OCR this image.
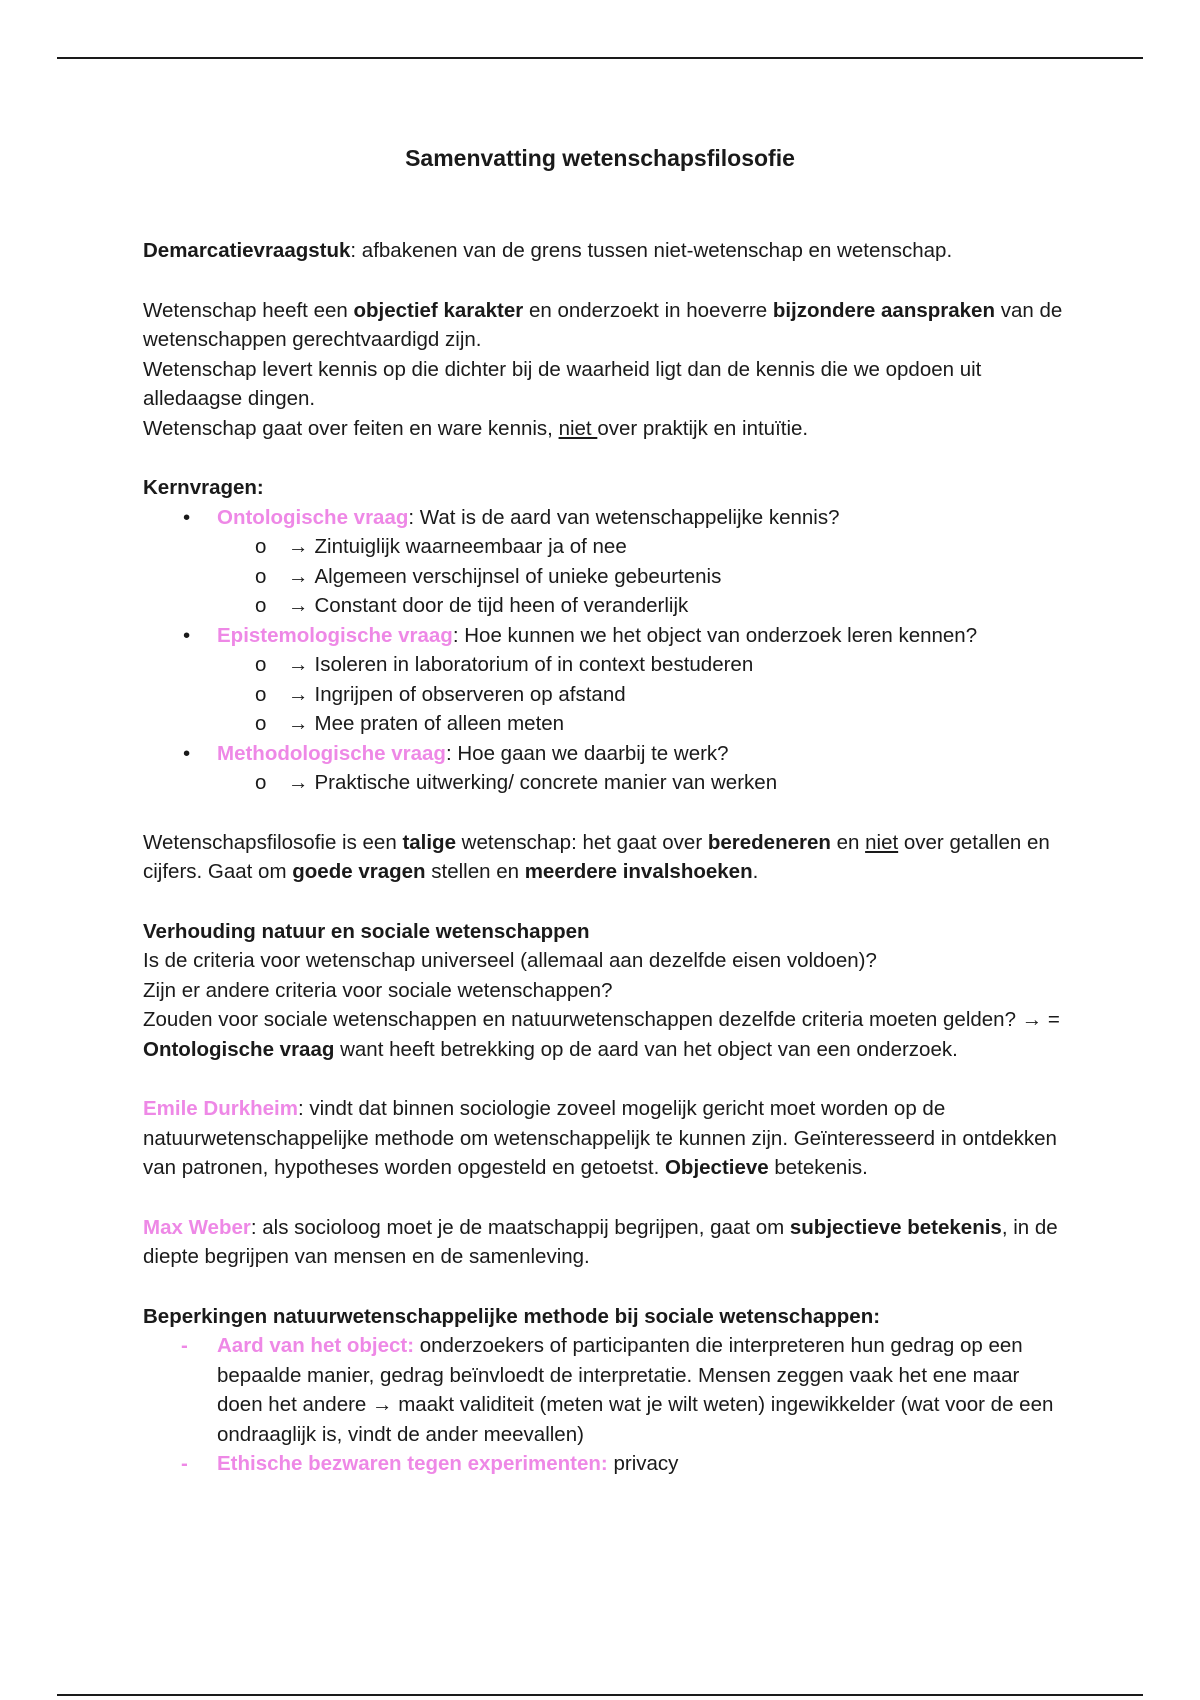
Samenvatting wetenschapsfilosofie

Demarcatievraagstuk: afbakenen van de grens tussen niet-wetenschap en wetenschap.

Wetenschap heeft een objectief karakter en onderzoekt in hoeverre bijzondere aanspraken van de wetenschappen gerechtvaardigd zijn.

Wetenschap levert kennis op die dichter bij de waarheid ligt dan de kennis die we opdoen uit alledaagse dingen.

Wetenschap gaat over feiten en ware kennis, niet over praktijk en intuïtie.

Kernvragen:

• Ontologische vraag: Wat is de aard van wetenschappelijke kennis?
o → Zintuiglijk waarneembaar ja of nee
o → Algemeen verschijnsel of unieke gebeurtenis
o → Constant door de tijd heen of veranderlijk
• Epistemologische vraag: Hoe kunnen we het object van onderzoek leren kennen?
o → Isoleren in laboratorium of in context bestuderen
o → Ingrijpen of observeren op afstand
o → Mee praten of alleen meten
• Methodologische vraag: Hoe gaan we daarbij te werk?
o → Praktische uitwerking/ concrete manier van werken

Wetenschapsfilosofie is een talige wetenschap: het gaat over beredeneren en niet over getallen en cijfers. Gaat om goede vragen stellen en meerdere invalshoeken.

Verhouding natuur en sociale wetenschappen

Is de criteria voor wetenschap universeel (allemaal aan dezelfde eisen voldoen)?

Zijn er andere criteria voor sociale wetenschappen?

Zouden voor sociale wetenschappen en natuurwetenschappen dezelfde criteria moeten gelden? → = Ontologische vraag want heeft betrekking op de aard van het object van een onderzoek.

Emile Durkheim: vindt dat binnen sociologie zoveel mogelijk gericht moet worden op de natuurwetenschappelijke methode om wetenschappelijk te kunnen zijn. Geïnteresseerd in ontdekken van patronen, hypotheses worden opgesteld en getoetst. Objectieve betekenis.

Max Weber: als socioloog moet je de maatschappij begrijpen, gaat om subjectieve betekenis, in de diepte begrijpen van mensen en de samenleving.

Beperkingen natuurwetenschappelijke methode bij sociale wetenschappen:

- Aard van het object: onderzoekers of participanten die interpreteren hun gedrag op een bepaalde manier, gedrag beïnvloedt de interpretatie. Mensen zeggen vaak het ene maar doen het andere → maakt validiteit (meten wat je wilt weten) ingewikkelder (wat voor de een ondraaglijk is, vindt de ander meevallen)
- Ethische bezwaren tegen experimenten: privacy
